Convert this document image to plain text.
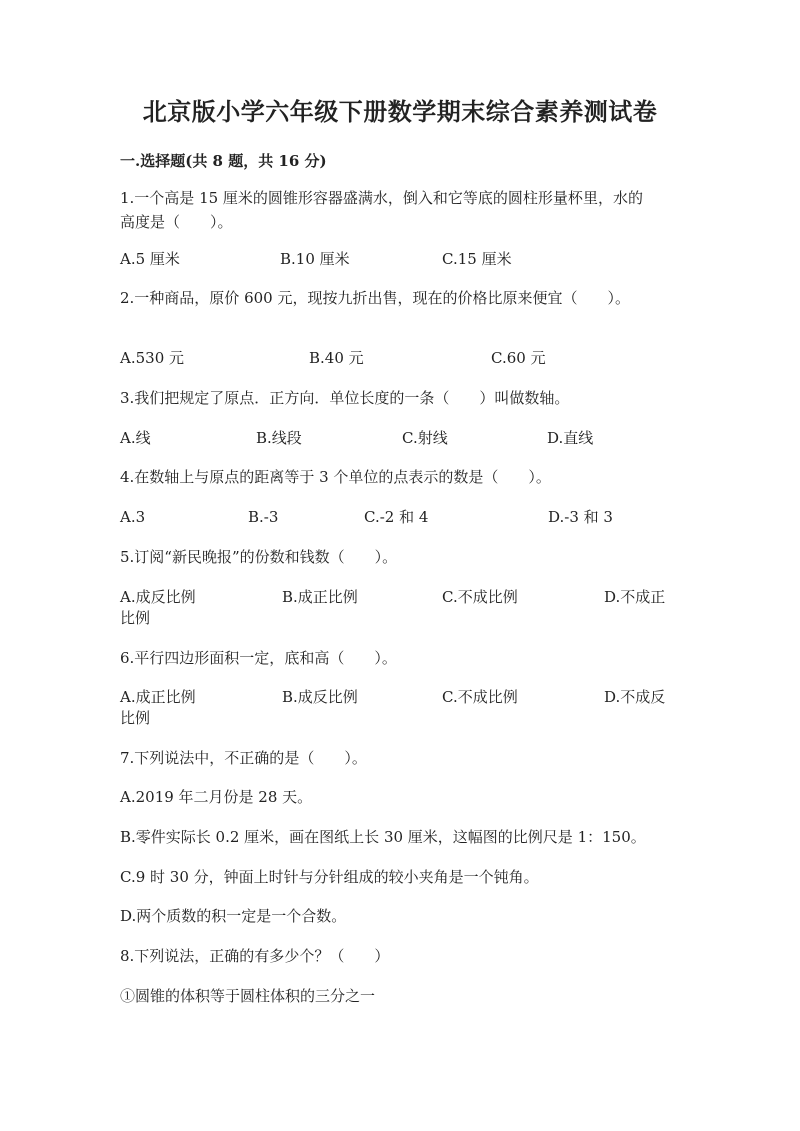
北京版小学六年级下册数学期末综合素养测试卷
一.选择题(共 8 题，共 16 分)
1.一个高是 15 厘米的圆锥形容器盛满水，倒入和它等底的圆柱形量杯里，水的
高度是（　　）。
A.5 厘米	B.10 厘米	C.15 厘米
2.一种商品，原价 600 元，现按九折出售，现在的价格比原来便宜（　　）。
A.530 元	B.40 元	C.60 元
3.我们把规定了原点．正方向．单位长度的一条（　　）叫做数轴。
A.线	B.线段	C.射线	D.直线
4.在数轴上与原点的距离等于 3 个单位的点表示的数是（　　）。
A.3	B.-3	C.-2 和 4	D.-3 和 3
5.订阅“新民晚报”的份数和钱数（　　）。
A.成反比例	B.成正比例	C.不成比例	D.不成正
比例
6.平行四边形面积一定，底和高（　　）。
A.成正比例	B.成反比例	C.不成比例	D.不成反
比例
7.下列说法中，不正确的是（　　）。
A.2019 年二月份是 28 天。
B.零件实际长 0.2 厘米，画在图纸上长 30 厘米，这幅图的比例尺是 1：150。
C.9 时 30 分，钟面上时针与分针组成的较小夹角是一个钝角。
D.两个质数的积一定是一个合数。
8.下列说法，正确的有多少个？（　　）
①圆锥的体积等于圆柱体积的三分之一
